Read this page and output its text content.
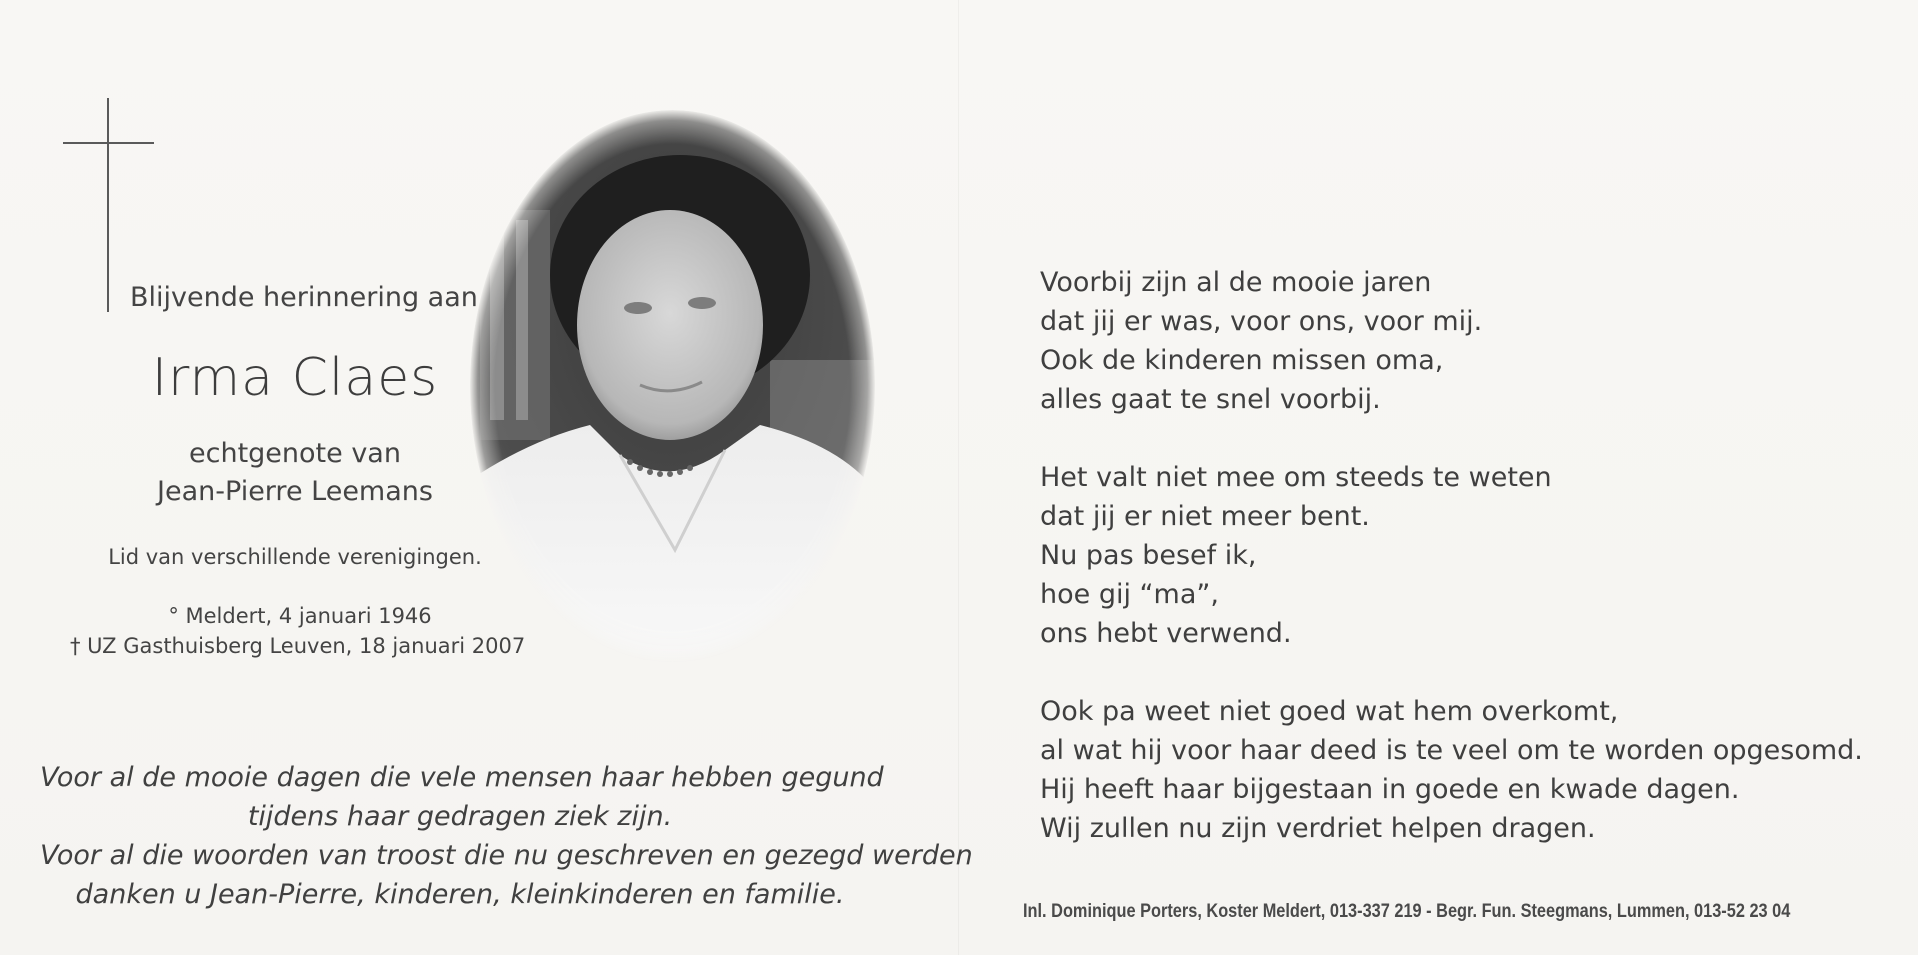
Blijvende herinnering aan
Irma Claes
echtgenote van
Jean-Pierre Leemans
Lid van verschillende verenigingen.
° Meldert, 4 januari 1946
† UZ Gasthuisberg Leuven, 18 januari 2007
Voor al de mooie dagen die vele mensen haar hebben gegund
tijdens haar gedragen ziek zijn.
Voor al die woorden van troost die nu geschreven en gezegd werden
danken u Jean-Pierre, kinderen, kleinkinderen en familie.
Voorbij zijn al de mooie jaren
dat jij er was, voor ons, voor mij.
Ook de kinderen missen oma,
alles gaat te snel voorbij.
Het valt niet mee om steeds te weten
dat jij er niet meer bent.
Nu pas besef ik,
hoe gij “ma”,
ons hebt verwend.
Ook pa weet niet goed wat hem overkomt,
al wat hij voor haar deed is te veel om te worden opgesomd.
Hij heeft haar bijgestaan in goede en kwade dagen.
Wij zullen nu zijn verdriet helpen dragen.
Inl. Dominique Porters, Koster Meldert, 013-337 219 - Begr. Fun. Steegmans, Lummen, 013-52 23 04
